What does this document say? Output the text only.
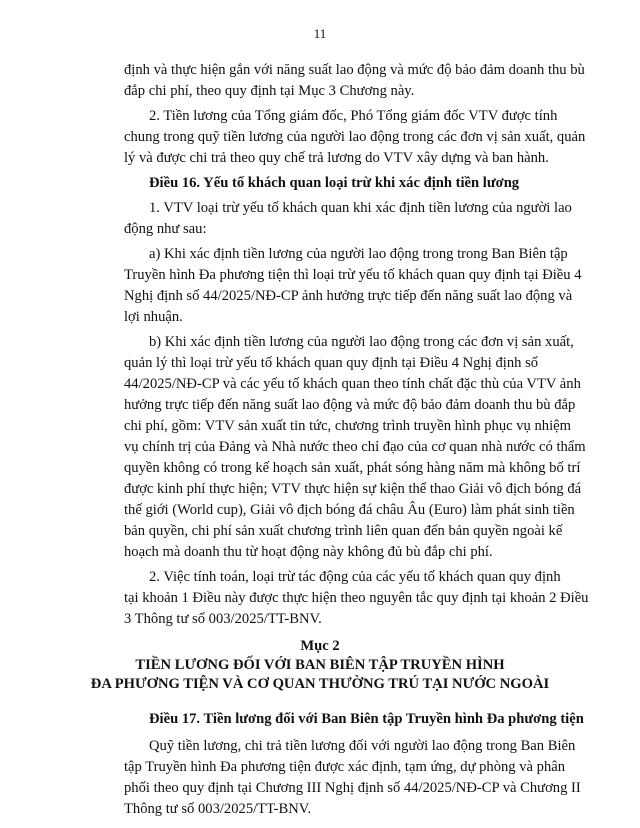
11
định và thực hiện gắn với năng suất lao động và mức độ bảo đảm doanh thu bù
đắp chi phí, theo quy định tại Mục 3 Chương này.
2. Tiền lương của Tổng giám đốc, Phó Tổng giám đốc VTV được tính
chung trong quỹ tiền lương của người lao động trong các đơn vị sản xuất, quản
lý và được chi trả theo quy chế trả lương do VTV xây dựng và ban hành.
Điều 16. Yếu tố khách quan loại trừ khi xác định tiền lương
1. VTV loại trừ yếu tố khách quan khi xác định tiền lương của người lao
động như sau:
a) Khi xác định tiền lương của người lao động trong trong Ban Biên tập
Truyền hình Đa phương tiện thì loại trừ yếu tố khách quan quy định tại Điều 4
Nghị định số 44/2025/NĐ-CP ảnh hưởng trực tiếp đến năng suất lao động và
lợi nhuận.
b) Khi xác định tiền lương của người lao động trong các đơn vị sản xuất,
quản lý thì loại trừ yếu tố khách quan quy định tại Điều 4 Nghị định số
44/2025/NĐ-CP và các yếu tố khách quan theo tính chất đặc thù của VTV ảnh
hưởng trực tiếp đến năng suất lao động và mức độ bảo đảm doanh thu bù đắp
chi phí, gồm: VTV sản xuất tin tức, chương trình truyền hình phục vụ nhiệm
vụ chính trị của Đảng và Nhà nước theo chỉ đạo của cơ quan nhà nước có thẩm
quyền không có trong kế hoạch sản xuất, phát sóng hàng năm mà không bố trí
được kinh phí thực hiện; VTV thực hiện sự kiện thể thao Giải vô địch bóng đá
thế giới (World cup), Giải vô địch bóng đá châu Âu (Euro) làm phát sinh tiền
bản quyền, chi phí sản xuất chương trình liên quan đến bản quyền ngoài kế
hoạch mà doanh thu từ hoạt động này không đủ bù đắp chi phí.
2. Việc tính toán, loại trừ tác động của các yếu tố khách quan quy định
tại khoản 1 Điều này được thực hiện theo nguyên tắc quy định tại khoản 2 Điều
3 Thông tư số 003/2025/TT-BNV.
Mục 2
TIỀN LƯƠNG ĐỐI VỚI BAN BIÊN TẬP TRUYỀN HÌNH
ĐA PHƯƠNG TIỆN VÀ CƠ QUAN THƯỜNG TRÚ TẠI NƯỚC NGOÀI
Điều 17. Tiền lương đối với Ban Biên tập Truyền hình Đa phương tiện
Quỹ tiền lương, chi trả tiền lương đối với người lao động trong Ban Biên
tập Truyền hình Đa phương tiện được xác định, tạm ứng, dự phòng và phân
phối theo quy định tại Chương III Nghị định số 44/2025/NĐ-CP và Chương II
Thông tư số 003/2025/TT-BNV.
